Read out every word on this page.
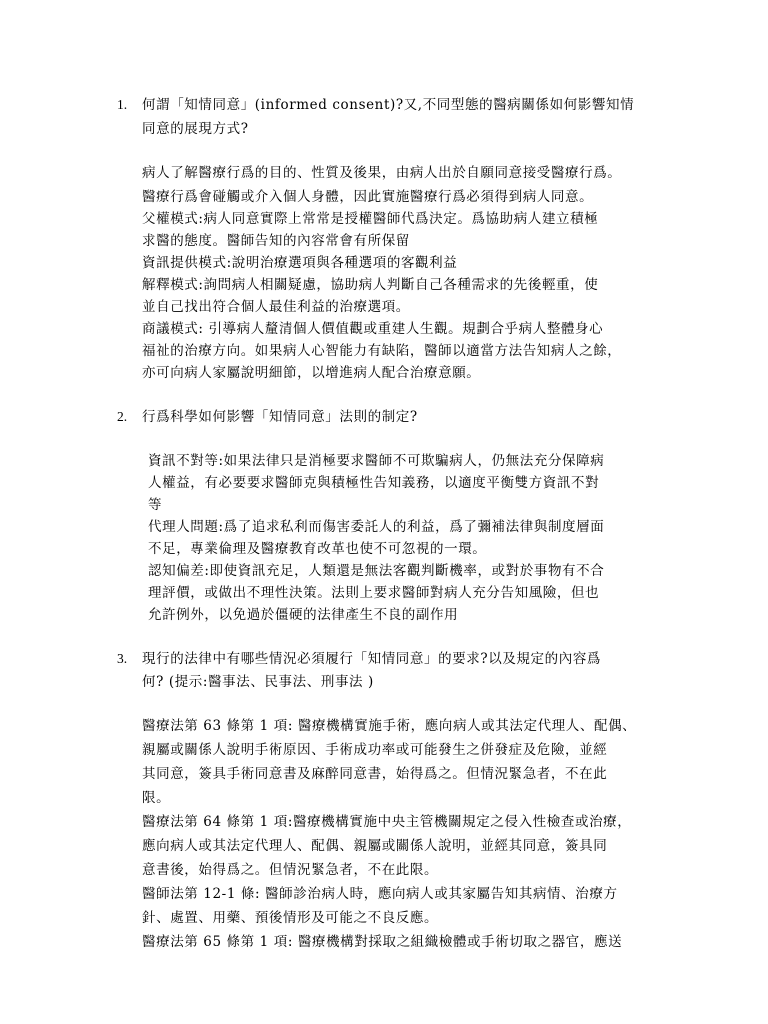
1. 何謂「知情同意」(informed consent)?又,不同型態的醫病關係如何影響知情
同意的展現方式?
病人了解醫療行爲的目的、性質及後果，由病人出於自願同意接受醫療行爲。
醫療行爲會碰觸或介入個人身體，因此實施醫療行爲必須得到病人同意。
父權模式:病人同意實際上常常是授權醫師代爲決定。爲協助病人建立積極
求醫的態度。醫師告知的內容常會有所保留
資訊提供模式:說明治療選項與各種選項的客觀利益
解釋模式:詢問病人相關疑慮，協助病人判斷自己各種需求的先後輕重，使
並自己找出符合個人最佳利益的治療選項。
商議模式: 引導病人釐清個人價值觀或重建人生觀。規劃合乎病人整體身心
福祉的治療方向。如果病人心智能力有缺陷，醫師以適當方法告知病人之餘，
亦可向病人家屬說明細節，以增進病人配合治療意願。
2. 行爲科學如何影響「知情同意」法則的制定?
資訊不對等:如果法律只是消極要求醫師不可欺騙病人，仍無法充分保障病
人權益，有必要要求醫師克與積極性告知義務，以適度平衡雙方資訊不對
等
代理人問題:爲了追求私利而傷害委託人的利益，爲了彌補法律與制度層面
不足，專業倫理及醫療教育改革也使不可忽視的一環。
認知偏差:即使資訊充足，人類還是無法客觀判斷機率，或對於事物有不合
理評價，或做出不理性決策。法則上要求醫師對病人充分告知風險，但也
允許例外，以免過於僵硬的法律產生不良的副作用
3. 現行的法律中有哪些情況必須履行「知情同意」的要求?以及規定的內容爲
何? (提示:醫事法、民事法、刑事法 )
醫療法第 63 條第 1 項: 醫療機構實施手術，應向病人或其法定代理人、配偶、
親屬或關係人說明手術原因、手術成功率或可能發生之併發症及危險，並經
其同意，簽具手術同意書及麻醉同意書，始得爲之。但情況緊急者，不在此
限。
醫療法第 64 條第 1 項:醫療機構實施中央主管機關規定之侵入性檢查或治療，
應向病人或其法定代理人、配偶、親屬或關係人說明，並經其同意，簽具同
意書後，始得爲之。但情況緊急者，不在此限。
醫師法第 12-1 條: 醫師診治病人時，應向病人或其家屬告知其病情、治療方
針、處置、用藥、預後情形及可能之不良反應。
醫療法第 65 條第 1 項: 醫療機構對採取之組織檢體或手術切取之器官，應送
